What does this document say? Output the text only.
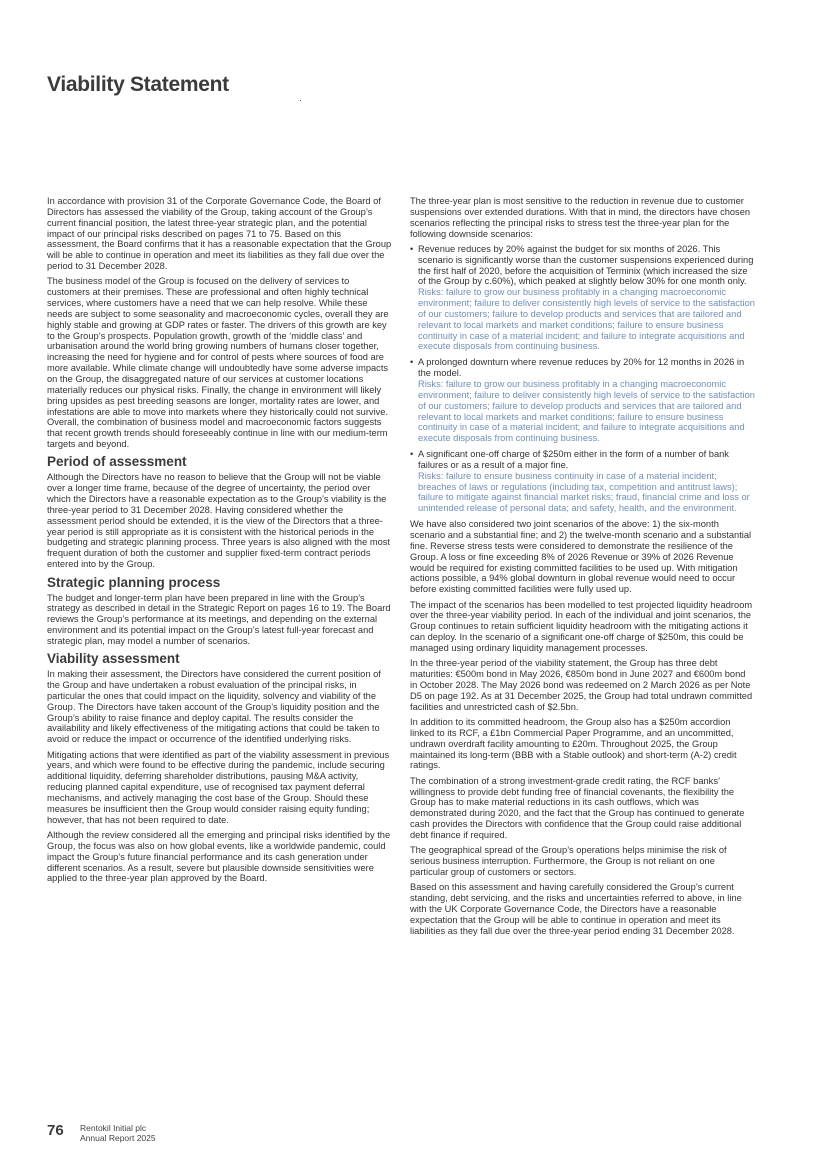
Viability Statement

In accordance with provision 31 of the Corporate Governance Code, the Board of Directors has assessed the viability of the Group, taking account of the Group’s current financial position, the latest three-year strategic plan, and the potential impact of our principal risks described on pages 71 to 75. Based on this assessment, the Board confirms that it has a reasonable expectation that the Group will be able to continue in operation and meet its liabilities as they fall due over the period to 31 December 2028.

The business model of the Group is focused on the delivery of services to customers at their premises. These are professional and often highly technical services, where customers have a need that we can help resolve. While these needs are subject to some seasonality and macroeconomic cycles, overall they are highly stable and growing at GDP rates or faster. The drivers of this growth are key to the Group’s prospects. Population growth, growth of the ‘middle class’ and urbanisation around the world bring growing numbers of humans closer together, increasing the need for hygiene and for control of pests where sources of food are more available. While climate change will undoubtedly have some adverse impacts on the Group, the disaggregated nature of our services at customer locations materially reduces our physical risks. Finally, the change in environment will likely bring upsides as pest breeding seasons are longer, mortality rates are lower, and infestations are able to move into markets where they historically could not survive. Overall, the combination of business model and macroeconomic factors suggests that recent growth trends should foreseeably continue in line with our medium-term targets and beyond.

Period of assessment

Although the Directors have no reason to believe that the Group will not be viable over a longer time frame, because of the degree of uncertainty, the period over which the Directors have a reasonable expectation as to the Group’s viability is the three-year period to 31 December 2028. Having considered whether the assessment period should be extended, it is the view of the Directors that a three-year period is still appropriate as it is consistent with the historical periods in the budgeting and strategic planning process. Three years is also aligned with the most frequent duration of both the customer and supplier fixed-term contract periods entered into by the Group.

Strategic planning process

The budget and longer-term plan have been prepared in line with the Group’s strategy as described in detail in the Strategic Report on pages 16 to 19. The Board reviews the Group’s performance at its meetings, and depending on the external environment and its potential impact on the Group’s latest full-year forecast and strategic plan, may model a number of scenarios.

Viability assessment

In making their assessment, the Directors have considered the current position of the Group and have undertaken a robust evaluation of the principal risks, in particular the ones that could impact on the liquidity, solvency and viability of the Group. The Directors have taken account of the Group’s liquidity position and the Group’s ability to raise finance and deploy capital. The results consider the availability and likely effectiveness of the mitigating actions that could be taken to avoid or reduce the impact or occurrence of the identified underlying risks.

Mitigating actions that were identified as part of the viability assessment in previous years, and which were found to be effective during the pandemic, include securing additional liquidity, deferring shareholder distributions, pausing M&A activity, reducing planned capital expenditure, use of recognised tax payment deferral mechanisms, and actively managing the cost base of the Group. Should these measures be insufficient then the Group would consider raising equity funding; however, that has not been required to date.

Although the review considered all the emerging and principal risks identified by the Group, the focus was also on how global events, like a worldwide pandemic, could impact the Group’s future financial performance and its cash generation under different scenarios. As a result, severe but plausible downside sensitivities were applied to the three-year plan approved by the Board.

The three-year plan is most sensitive to the reduction in revenue due to customer suspensions over extended durations. With that in mind, the directors have chosen scenarios reflecting the principal risks to stress test the three-year plan for the following downside scenarios:

• Revenue reduces by 20% against the budget for six months of 2026. This scenario is significantly worse than the customer suspensions experienced during the first half of 2020, before the acquisition of Terminix (which increased the size of the Group by c.60%), which peaked at slightly below 30% for one month only.
Risks: failure to grow our business profitably in a changing macroeconomic environment; failure to deliver consistently high levels of service to the satisfaction of our customers; failure to develop products and services that are tailored and relevant to local markets and market conditions; failure to ensure business continuity in case of a material incident; and failure to integrate acquisitions and execute disposals from continuing business.
• A prolonged downturn where revenue reduces by 20% for 12 months in 2026 in the model.
Risks: failure to grow our business profitably in a changing macroeconomic environment; failure to deliver consistently high levels of service to the satisfaction of our customers; failure to develop products and services that are tailored and relevant to local markets and market conditions; failure to ensure business continuity in case of a material incident; and failure to integrate acquisitions and execute disposals from continuing business.
• A significant one-off charge of $250m either in the form of a number of bank failures or as a result of a major fine.
Risks: failure to ensure business continuity in case of a material incident; breaches of laws or regulations (including tax, competition and antitrust laws); failure to mitigate against financial market risks; fraud, financial crime and loss or unintended release of personal data; and safety, health, and the environment.

We have also considered two joint scenarios of the above: 1) the six-month scenario and a substantial fine; and 2) the twelve-month scenario and a substantial fine. Reverse stress tests were considered to demonstrate the resilience of the Group. A loss or fine exceeding 8% of 2026 Revenue or 39% of 2026 Revenue would be required for existing committed facilities to be used up. With mitigation actions possible, a 94% global downturn in global revenue would need to occur before existing committed facilities were fully used up.

The impact of the scenarios has been modelled to test projected liquidity headroom over the three-year viability period. In each of the individual and joint scenarios, the Group continues to retain sufficient liquidity headroom with the mitigating actions it can deploy. In the scenario of a significant one-off charge of $250m, this could be managed using ordinary liquidity management processes.

In the three-year period of the viability statement, the Group has three debt maturities: €500m bond in May 2026, €850m bond in June 2027 and €600m bond in October 2028. The May 2026 bond was redeemed on 2 March 2026 as per Note D5 on page 192. As at 31 December 2025, the Group had total undrawn committed facilities and unrestricted cash of $2.5bn.

In addition to its committed headroom, the Group also has a $250m accordion linked to its RCF, a £1bn Commercial Paper Programme, and an uncommitted, undrawn overdraft facility amounting to £20m. Throughout 2025, the Group maintained its long-term (BBB with a Stable outlook) and short-term (A-2) credit ratings.

The combination of a strong investment-grade credit rating, the RCF banks’ willingness to provide debt funding free of financial covenants, the flexibility the Group has to make material reductions in its cash outflows, which was demonstrated during 2020, and the fact that the Group has continued to generate cash provides the Directors with confidence that the Group could raise additional debt finance if required.

The geographical spread of the Group’s operations helps minimise the risk of serious business interruption. Furthermore, the Group is not reliant on one particular group of customers or sectors.

Based on this assessment and having carefully considered the Group’s current standing, debt servicing, and the risks and uncertainties referred to above, in line with the UK Corporate Governance Code, the Directors have a reasonable expectation that the Group will be able to continue in operation and meet its liabilities as they fall due over the three-year period ending 31 December 2028.

76 Rentokil Initial plc
Annual Report 2025
